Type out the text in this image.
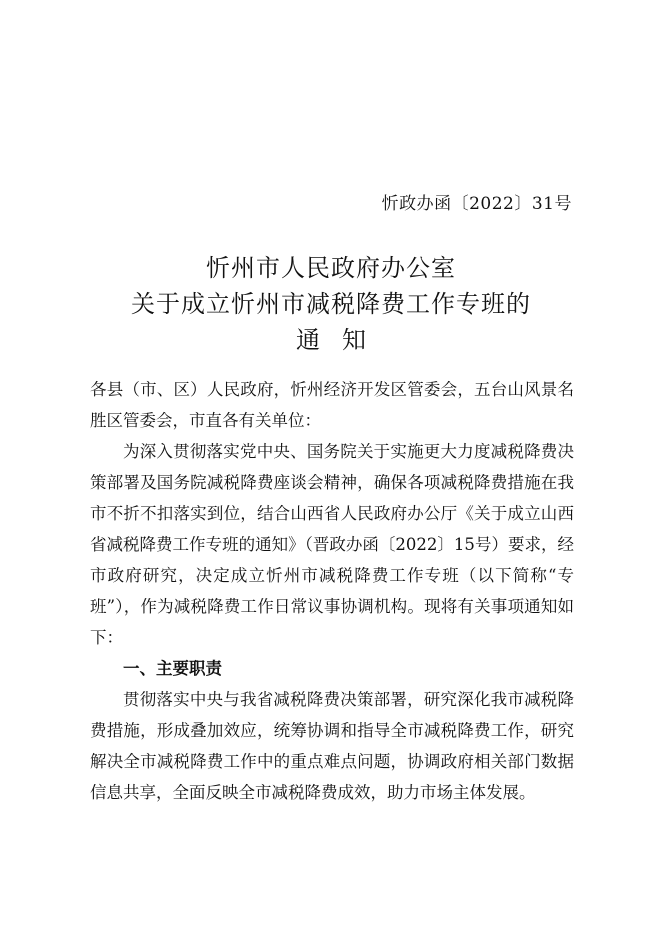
忻政办函〔2022〕31号
忻州市人民政府办公室
关于成立忻州市减税降费工作专班的
通知

各县（市、区）人民政府，忻州经济开发区管委会，五台山风景名胜区管委会，市直各有关单位：

为深入贯彻落实党中央、国务院关于实施更大力度减税降费决策部署及国务院减税降费座谈会精神，确保各项减税降费措施在我市不折不扣落实到位，结合山西省人民政府办公厅《关于成立山西省减税降费工作专班的通知》（晋政办函〔2022〕15号）要求，经市政府研究，决定成立忻州市减税降费工作专班（以下简称“专班”），作为减税降费工作日常议事协调机构。现将有关事项通知如下：

一、主要职责

贯彻落实中央与我省减税降费决策部署，研究深化我市减税降费措施，形成叠加效应，统筹协调和指导全市减税降费工作，研究解决全市减税降费工作中的重点难点问题，协调政府相关部门数据信息共享，全面反映全市减税降费成效，助力市场主体发展。
